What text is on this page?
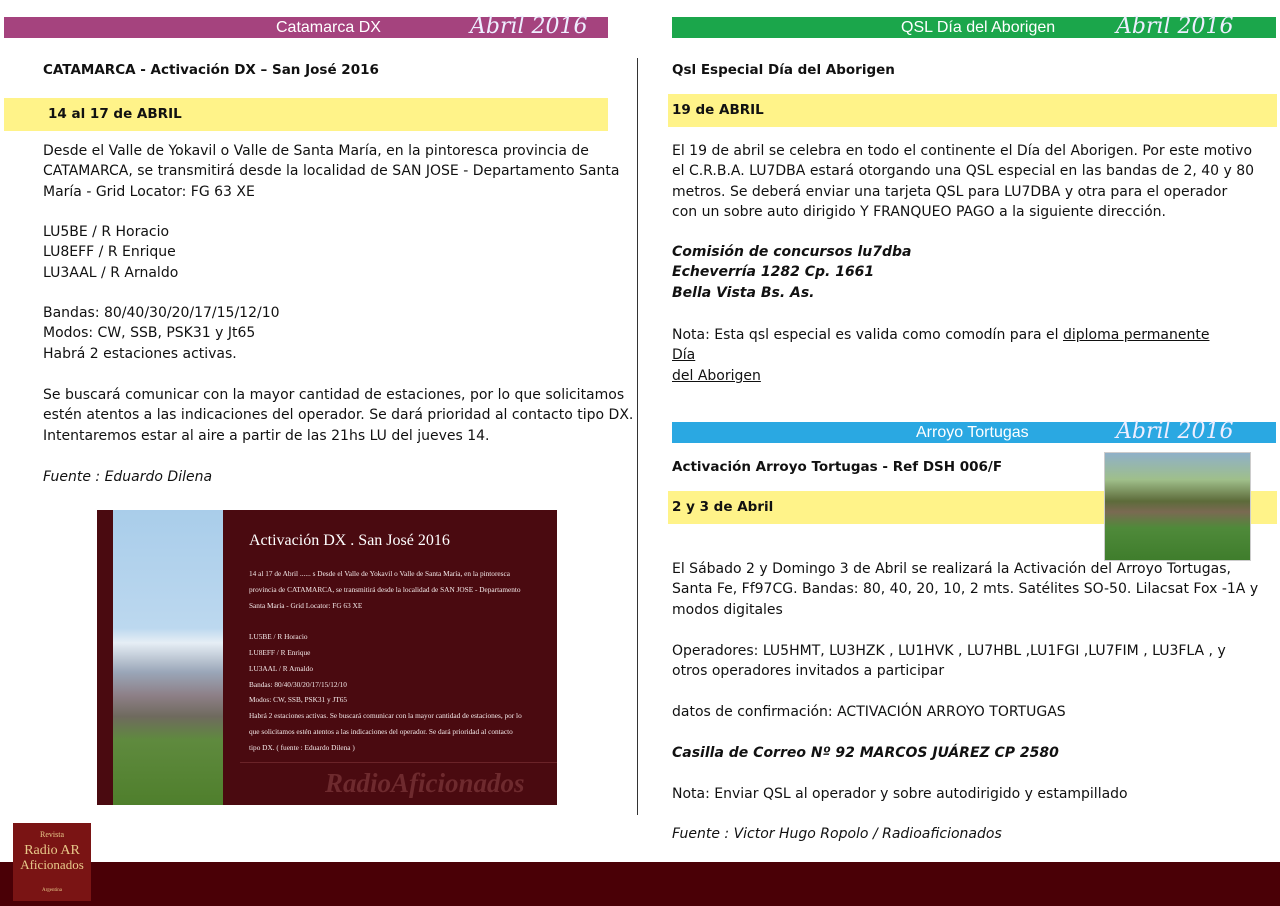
Catamarca DX	Abril 2016
CATAMARCA - Activación DX – San José 2016
14 al 17 de ABRIL
Desde el Valle de Yokavil o Valle de Santa María, en la pintoresca provincia de
CATAMARCA, se transmitirá desde la localidad de SAN JOSE - Departamento Santa
María - Grid Locator: FG 63 XE
LU5BE / R Horacio
LU8EFF / R Enrique
LU3AAL / R Arnaldo
Bandas: 80/40/30/20/17/15/12/10
Modos: CW, SSB, PSK31 y Jt65
Habrá 2 estaciones activas.
Se buscará comunicar con la mayor cantidad de estaciones, por lo que solicitamos
estén atentos a las indicaciones del operador. Se dará prioridad al contacto tipo DX.
Intentaremos estar al aire a partir de las 21hs LU del jueves 14.
Fuente : Eduardo Dilena
Activación DX . San José 2016
14 al 17 de Abril ...... s Desde el Valle de Yokavil o Valle de Santa María, en la pintoresca
provincia de CATAMARCA, se transmitirá desde la localidad de SAN JOSE - Departamento
Santa María - Grid Locator: FG 63 XE

LU5BE / R Horacio
LU8EFF / R Enrique
LU3AAL / R Arnaldo
Bandas: 80/40/30/20/17/15/12/10
Modos: CW, SSB, PSK31 y JT65
Habrá 2 estaciones activas. Se buscará comunicar con la mayor cantidad de estaciones, por lo
que solicitamos estén atentos a las indicaciones del operador. Se dará prioridad al contacto
tipo DX. ( fuente : Eduardo Dilena )
RadioAficionados
QSL Día del Aborigen	Abril 2016
Qsl Especial Día del Aborigen
19 de ABRIL
El 19 de abril se celebra en todo el continente el Día del Aborigen. Por este motivo
el C.R.B.A. LU7DBA estará otorgando una QSL especial en las bandas de 2, 40 y 80
metros. Se deberá enviar una tarjeta QSL para LU7DBA y otra para el operador
con un sobre auto dirigido Y FRANQUEO PAGO a la siguiente dirección.
Comisión de concursos lu7dba
Echeverría 1282 Cp. 1661
Bella Vista Bs. As.
Nota: Esta qsl especial es valida como comodín para el diploma permanente Día
del Aborigen
Arroyo Tortugas	Abril 2016
Activación Arroyo Tortugas - Ref DSH 006/F
2 y 3 de Abril
El Sábado 2 y Domingo 3 de Abril se realizará la Activación del Arroyo Tortugas,
Santa Fe, Ff97CG. Bandas: 80, 40, 20, 10, 2 mts. Satélites SO-50. Lilacsat Fox -1A y
modos digitales
Operadores: LU5HMT, LU3HZK , LU1HVK , LU7HBL ,LU1FGI ,LU7FIM , LU3FLA , y
otros operadores invitados a participar
datos de confirmación: ACTIVACIÓN ARROYO TORTUGAS
Casilla de Correo Nº 92 MARCOS JUÁREZ CP 2580
Nota: Enviar QSL al operador y sobre autodirigido y estampillado
Fuente : Victor Hugo Ropolo / Radioaficionados
Revista
Radio AR
Aficionados
Argentina
